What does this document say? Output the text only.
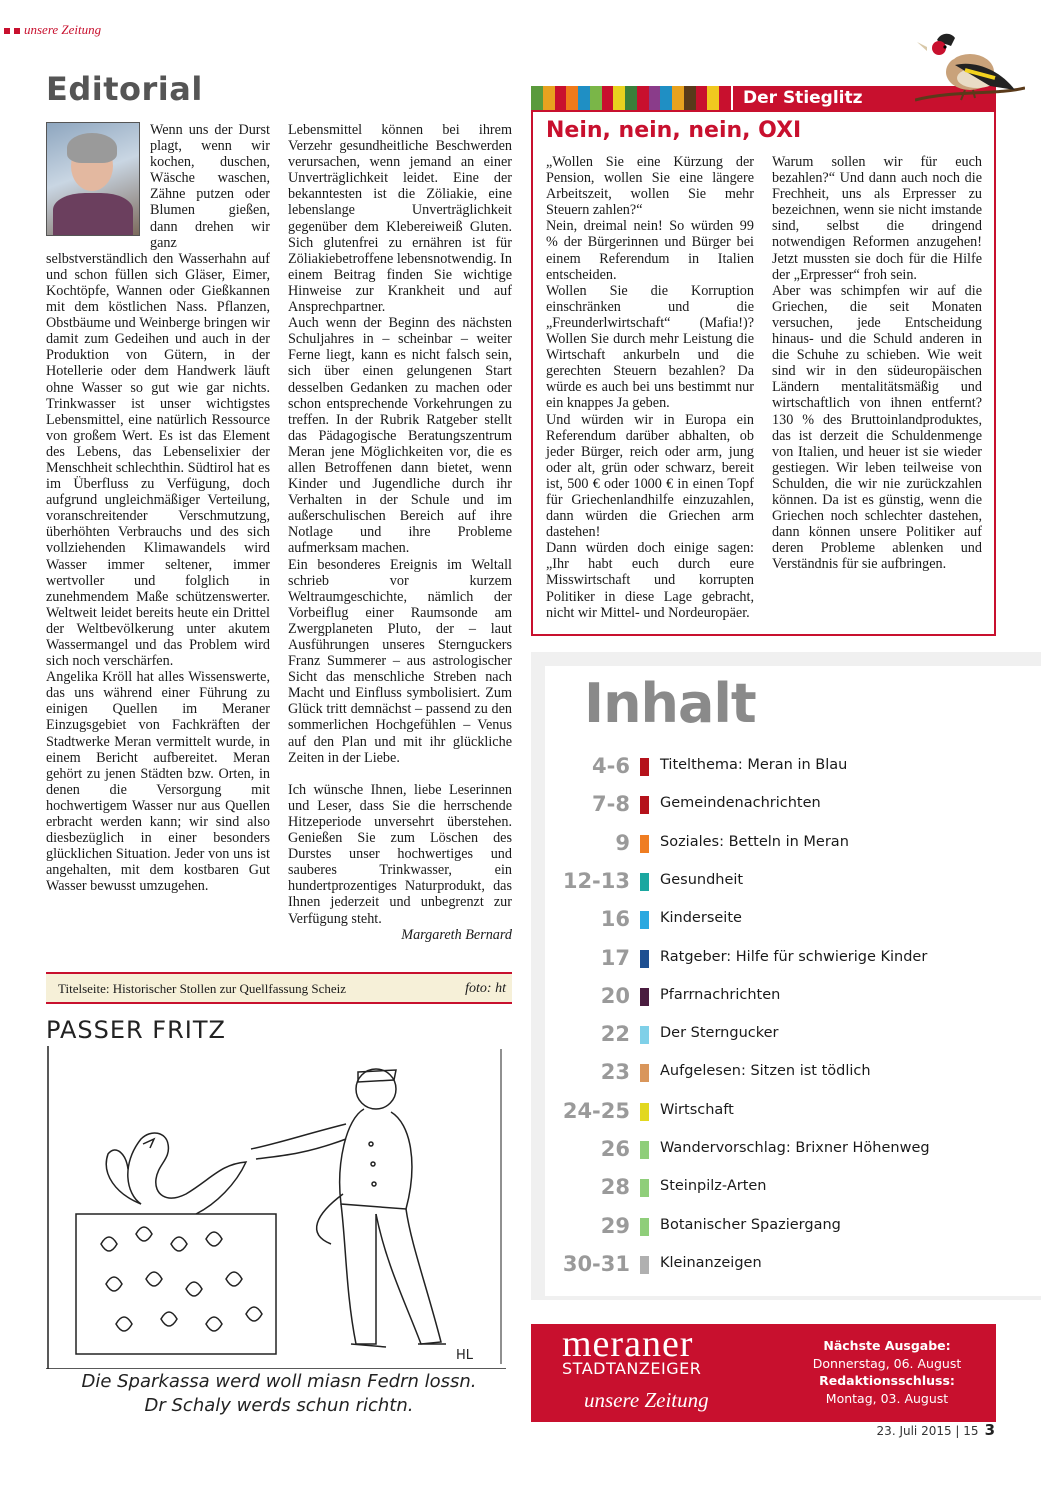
unsere Zeitung
Editorial

Wenn uns der Durst plagt, wenn wir kochen, duschen, Wäsche waschen, Zähne putzen oder Blumen gießen, dann drehen wir ganz selbstverständlich den Wasserhahn auf und schon füllen sich Gläser, Eimer, Kochtöpfe, Wannen oder Gießkannen mit dem köstlichen Nass. Pflanzen, Obstbäume und Weinberge bringen wir damit zum Gedeihen und auch in der Produktion von Gütern, in der Hotellerie oder dem Handwerk läuft ohne Wasser so gut wie gar nichts. Trinkwasser ist unser wichtigstes Lebensmittel, eine natürlich Ressource von großem Wert. Es ist das Element des Lebens, das Lebenselixier der Menschheit schlechthin. Südtirol hat es im Überfluss zu Verfügung, doch aufgrund ungleichmäßiger Verteilung, voranschreitender Verschmutzung, überhöhten Verbrauchs und des sich vollziehenden Klimawandels wird Wasser immer seltener, immer wertvoller und folglich in zunehmendem Maße schützenswerter. Weltweit leidet bereits heute ein Drittel der Weltbevölkerung unter akutem Wassermangel und das Problem wird sich noch verschärfen.

Angelika Kröll hat alles Wissenswerte, das uns während einer Führung zu einigen Quellen im Meraner Einzugsgebiet von Fachkräften der Stadtwerke Meran vermittelt wurde, in einem Bericht aufbereitet. Meran gehört zu jenen Städten bzw. Orten, in denen die Versorgung mit hochwertigem Wasser nur aus Quellen erbracht werden kann; wir sind also diesbezüglich in einer besonders glücklichen Situation. Jeder von uns ist angehalten, mit dem kostbaren Gut Wasser bewusst umzugehen.

Lebensmittel können bei ihrem Verzehr gesundheitliche Beschwerden verursachen, wenn jemand an einer Unverträglichkeit leidet. Eine der bekanntesten ist die Zöliakie, eine lebenslange Unverträglichkeit gegenüber dem Klebereiweiß Gluten. Sich glutenfrei zu ernähren ist für Zöliakiebetroffene lebensnotwendig. In einem Beitrag finden Sie wichtige Hinweise zur Krankheit und auf Ansprechpartner.

Auch wenn der Beginn des nächsten Schuljahres in – scheinbar – weiter Ferne liegt, kann es nicht falsch sein, sich über einen gelungenen Start desselben Gedanken zu machen oder schon entsprechende Vorkehrungen zu treffen. In der Rubrik Ratgeber stellt das Pädagogische Beratungszentrum Meran jene Möglichkeiten vor, die es allen Betroffenen dann bietet, wenn Kinder und Jugendliche durch ihr Verhalten in der Schule und im außerschulischen Bereich auf ihre Notlage und ihre Probleme aufmerksam machen.

Ein besonderes Ereignis im Weltall schrieb vor kurzem Weltraumgeschichte, nämlich der Vorbeiflug einer Raumsonde am Zwergplaneten Pluto, der – laut Ausführungen unseres Sternguckers Franz Summerer – aus astrologischer Sicht das menschliche Streben nach Macht und Einfluss symbolisiert. Zum Glück tritt demnächst – passend zu den sommerlichen Hochgefühlen – Venus auf den Plan und mit ihr glückliche Zeiten in der Liebe.

Ich wünsche Ihnen, liebe Leserinnen und Leser, dass Sie die herrschende Hitzeperiode unversehrt überstehen. Genießen Sie zum Löschen des Durstes unser hochwertiges und sauberes Trinkwasser, ein hundertprozentiges Naturprodukt, das Ihnen jederzeit und unbegrenzt zur Verfügung steht.

Margareth Bernard

Titelseite: Historischer Stollen zur Quellfassung Scheiz	foto: ht
PASSER FRITZ
HL
Die Sparkassa werd woll miasn Fedrn lossn.
Dr Schaly werds schun richtn.
Der Stieglitz
Nein, nein, nein, OXI

„Wollen Sie eine Kürzung der Pension, wollen Sie eine längere Arbeitszeit, wollen Sie mehr Steuern zahlen?“

Nein, dreimal nein! So würden 99 % der Bürgerinnen und Bürger bei einem Referendum in Italien entscheiden.

Wollen Sie die Korruption einschränken und die „Freunderlwirtschaft“ (Mafia!)? Wollen Sie durch mehr Leistung die Wirtschaft ankurbeln und die gerechten Steuern bezahlen? Da würde es auch bei uns bestimmt nur ein knappes Ja geben.

Und würden wir in Europa ein Referendum darüber abhalten, ob jeder Bürger, reich oder arm, jung oder alt, grün oder schwarz, bereit ist, 500 € oder 1000 € in einen Topf für Griechenlandhilfe einzuzahlen, dann würden die Griechen arm dastehen!

Dann würden doch einige sagen: „Ihr habt euch durch eure Misswirtschaft und korrupten Politiker in diese Lage gebracht, nicht wir Mittel- und Nordeuropäer.

Warum sollen wir für euch bezahlen?“ Und dann auch noch die Frechheit, uns als Erpresser zu bezeichnen, wenn sie nicht imstande sind, selbst die dringend notwendigen Reformen anzugehen! Jetzt mussten sie doch für die Hilfe der „Erpresser“ froh sein.

Aber was schimpfen wir auf die Griechen, die seit Monaten versuchen, jede Entscheidung hinaus- und die Schuld anderen in die Schuhe zu schieben. Wie weit sind wir in den südeuropäischen Ländern mentalitätsmäßig und wirtschaftlich von ihnen entfernt? 130 % des Bruttoinlandproduktes, das ist derzeit die Schuldenmenge von Italien, und heuer ist sie wieder gestiegen. Wir leben teilweise von Schulden, die wir nie zurückzahlen können. Da ist es günstig, wenn die Griechen noch schlechter dastehen, dann können unsere Politiker auf deren Probleme ablenken und Verständnis für sie aufbringen.

Inhalt
4-6 Titelthema: Meran in Blau
7-8 Gemeindenachrichten
9 Soziales: Betteln in Meran
12-13 Gesundheit
16 Kinderseite
17 Ratgeber: Hilfe für schwierige Kinder
20 Pfarrnachrichten
22 Der Sterngucker
23 Aufgelesen: Sitzen ist tödlich
24-25 Wirtschaft
26 Wandervorschlag: Brixner Höhenweg
28 Steinpilz-Arten
29 Botanischer Spaziergang
30-31 Kleinanzeigen
meraner
STADTANZEIGER
unsere Zeitung
Nächste Ausgabe:
Donnerstag, 06. August
Redaktionsschluss:
Montag, 03. August
23. Juli 2015 | 15 3
